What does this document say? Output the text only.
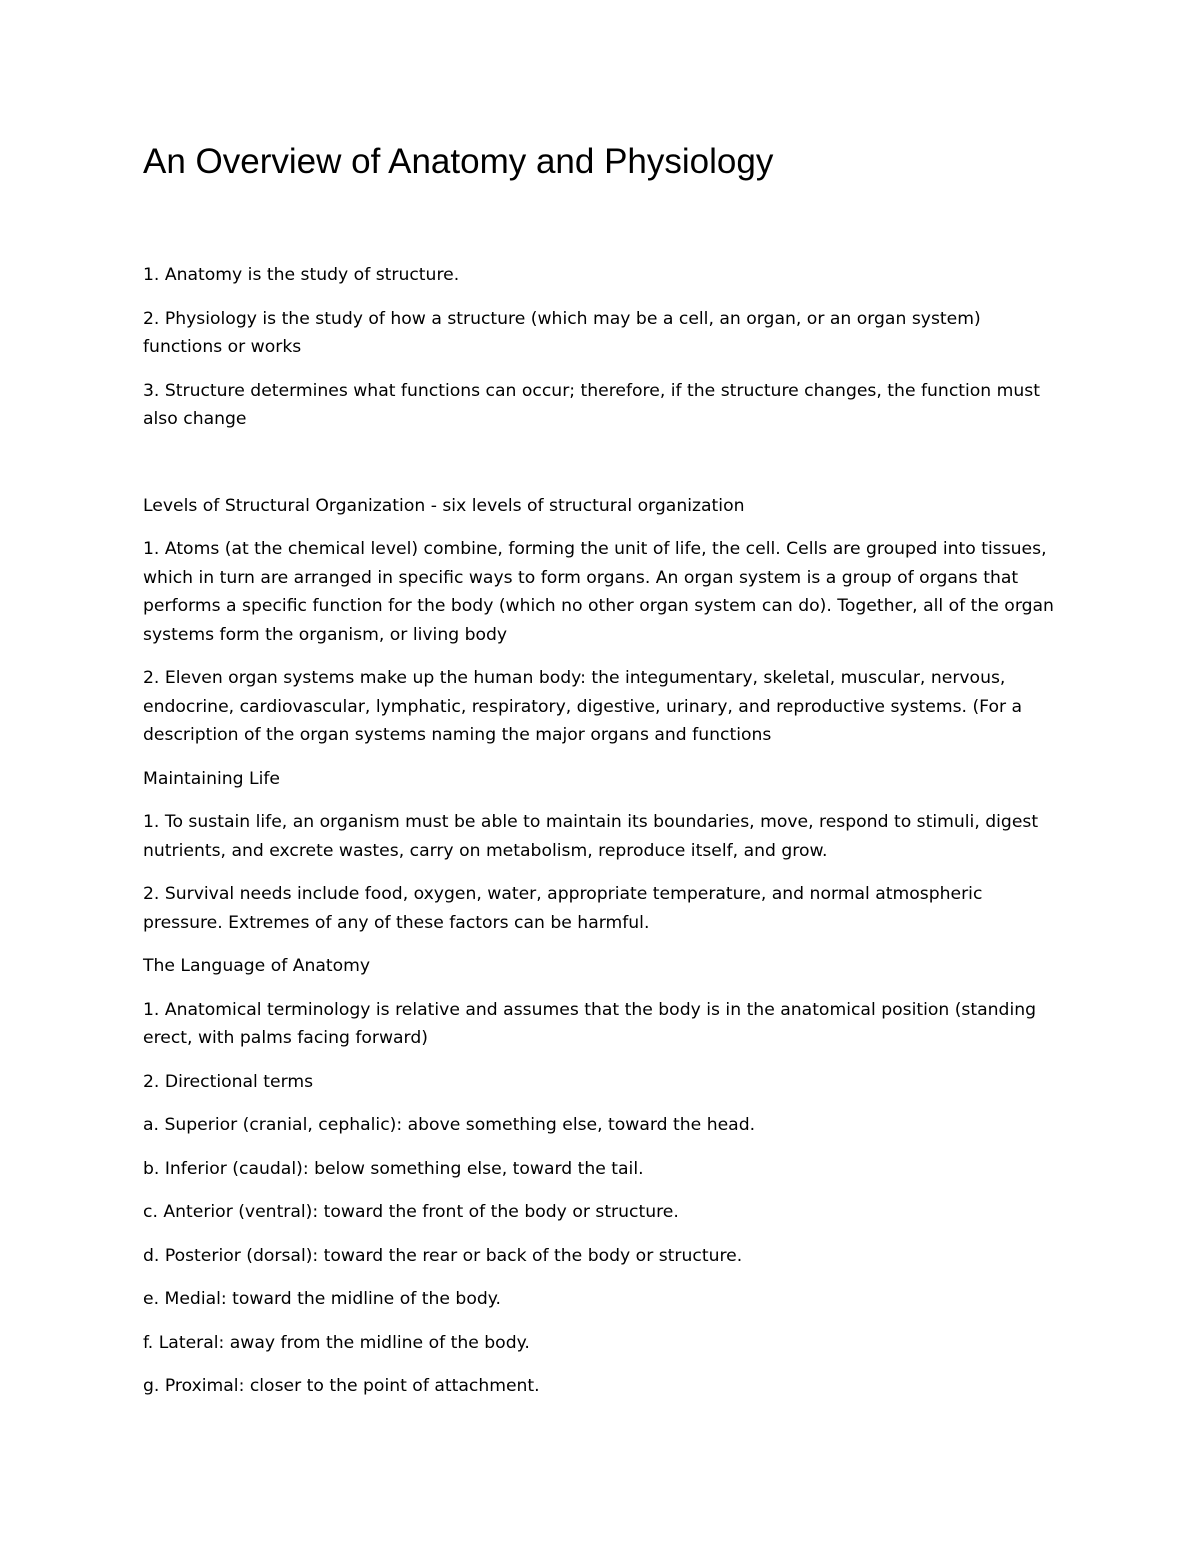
An Overview of Anatomy and Physiology

1. Anatomy is the study of structure.

2. Physiology is the study of how a structure (which may be a cell, an organ, or an organ system) functions or works

3. Structure determines what functions can occur; therefore, if the structure changes, the function must also change

Levels of Structural Organization - six levels of structural organization

1. Atoms (at the chemical level) combine, forming the unit of life, the cell. Cells are grouped into tissues, which in turn are arranged in specific ways to form organs. An organ system is a group of organs that performs a specific function for the body (which no other organ system can do). Together, all of the organ systems form the organism, or living body

2. Eleven organ systems make up the human body: the integumentary, skeletal, muscular, nervous, endocrine, cardiovascular, lymphatic, respiratory, digestive, urinary, and reproductive systems. (For a description of the organ systems naming the major organs and functions

Maintaining Life

1. To sustain life, an organism must be able to maintain its boundaries, move, respond to stimuli, digest nutrients, and excrete wastes, carry on metabolism, reproduce itself, and grow.

2. Survival needs include food, oxygen, water, appropriate temperature, and normal atmospheric pressure. Extremes of any of these factors can be harmful.

The Language of Anatomy

1. Anatomical terminology is relative and assumes that the body is in the anatomical position (standing erect, with palms facing forward)

2. Directional terms

a. Superior (cranial, cephalic): above something else, toward the head.

b. Inferior (caudal): below something else, toward the tail.

c. Anterior (ventral): toward the front of the body or structure.

d. Posterior (dorsal): toward the rear or back of the body or structure.

e. Medial: toward the midline of the body.

f. Lateral: away from the midline of the body.

g. Proximal: closer to the point of attachment.
